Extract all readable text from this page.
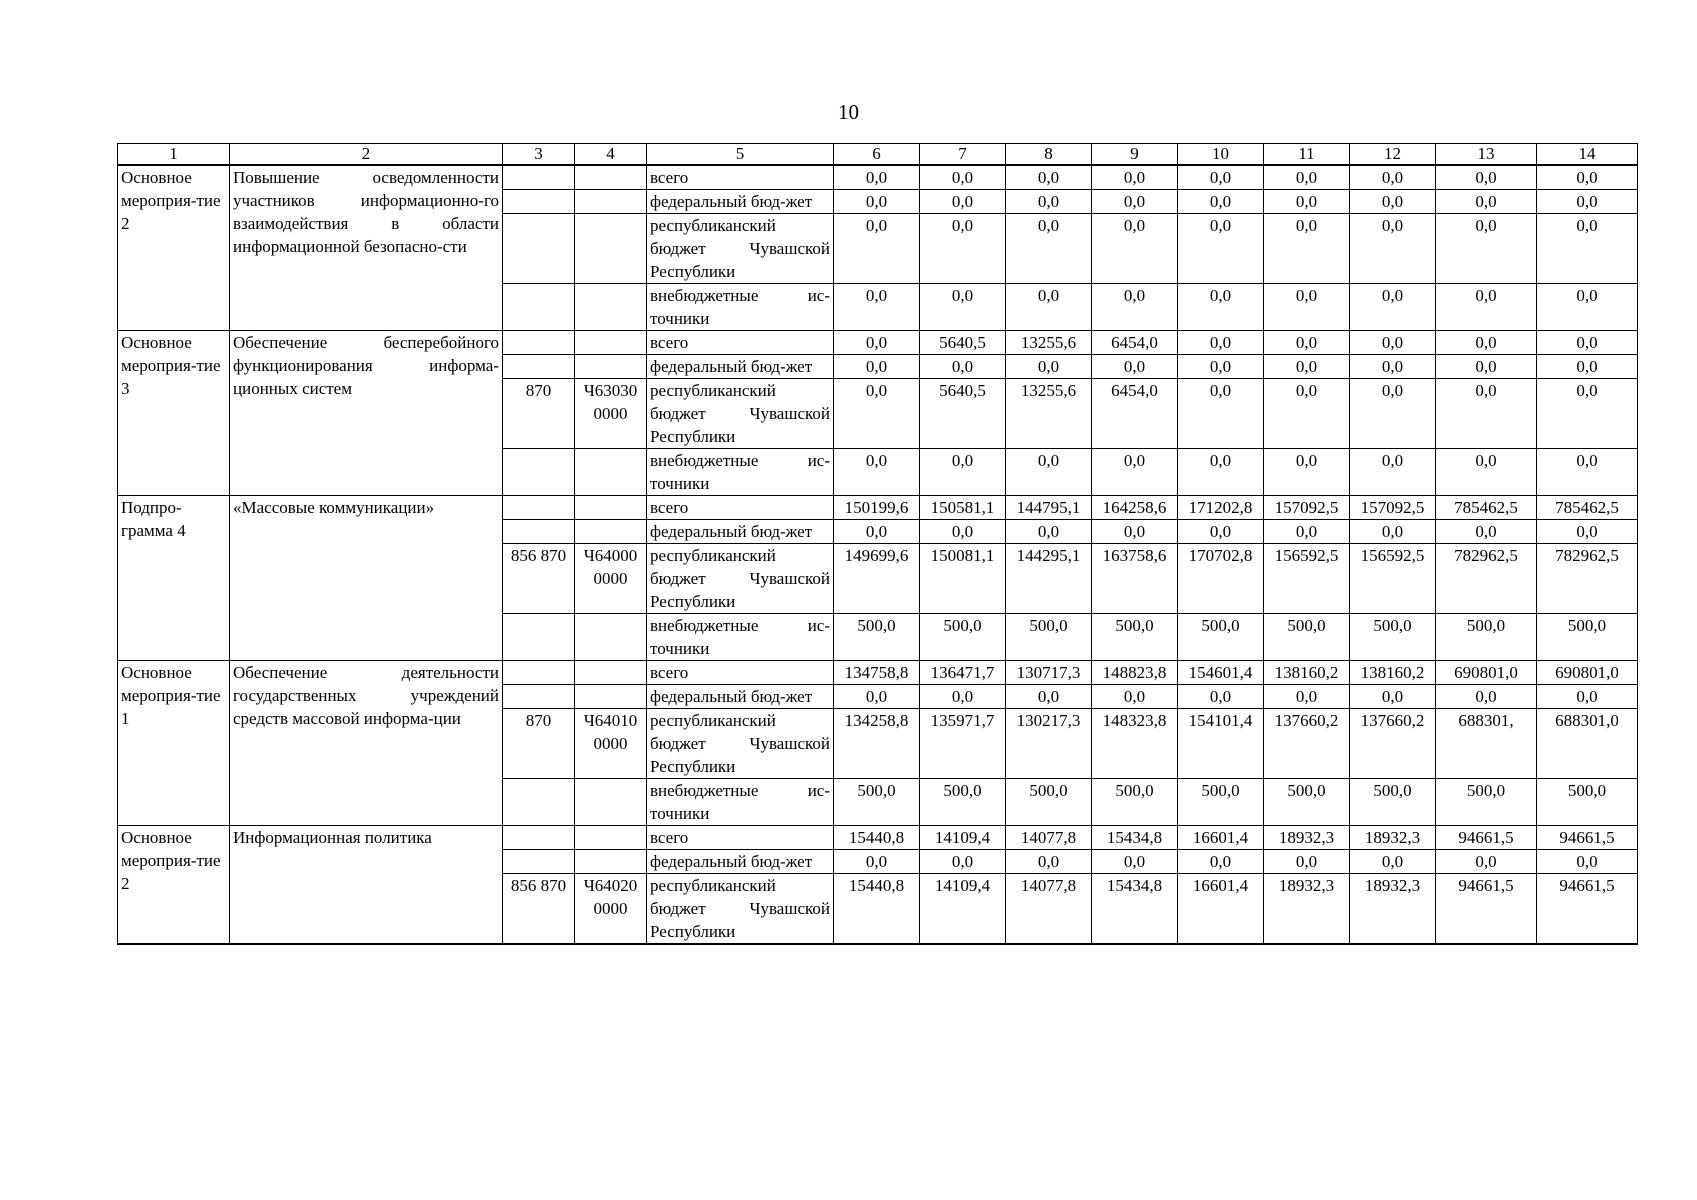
10
1	2	3	4	5	6	7	8	9	10	11	12	13	14
Основное мероприя-тие 2	Повышение осведомленности участников информационно-го взаимодействия в области информационной безопасно-сти			всего	0,0	0,0	0,0	0,0	0,0	0,0	0,0	0,0	0,0
				федеральный бюд-жет	0,0	0,0	0,0	0,0	0,0	0,0	0,0	0,0	0,0
				республиканский бюджет Чувашской Республики	0,0	0,0	0,0	0,0	0,0	0,0	0,0	0,0	0,0
				внебюджетные ис-точники	0,0	0,0	0,0	0,0	0,0	0,0	0,0	0,0	0,0
Основное мероприя-тие 3	Обеспечение бесперебойного функционирования информа-ционных систем			всего	0,0	5640,5	13255,6	6454,0	0,0	0,0	0,0	0,0	0,0
				федеральный бюд-жет	0,0	0,0	0,0	0,0	0,0	0,0	0,0	0,0	0,0
		870	Ч63030 0000	республиканский бюджет Чувашской Республики	0,0	5640,5	13255,6	6454,0	0,0	0,0	0,0	0,0	0,0
				внебюджетные ис-точники	0,0	0,0	0,0	0,0	0,0	0,0	0,0	0,0	0,0
Подпро-грамма 4	«Массовые коммуникации»			всего	150199,6	150581,1	144795,1	164258,6	171202,8	157092,5	157092,5	785462,5	785462,5
				федеральный бюд-жет	0,0	0,0	0,0	0,0	0,0	0,0	0,0	0,0	0,0
		856 870	Ч64000 0000	республиканский бюджет Чувашской Республики	149699,6	150081,1	144295,1	163758,6	170702,8	156592,5	156592,5	782962,5	782962,5
				внебюджетные ис-точники	500,0	500,0	500,0	500,0	500,0	500,0	500,0	500,0	500,0
Основное мероприя-тие 1	Обеспечение деятельности государственных учреждений средств массовой информа-ции			всего	134758,8	136471,7	130717,3	148823,8	154601,4	138160,2	138160,2	690801,0	690801,0
				федеральный бюд-жет	0,0	0,0	0,0	0,0	0,0	0,0	0,0	0,0	0,0
		870	Ч64010 0000	республиканский бюджет Чувашской Республики	134258,8	135971,7	130217,3	148323,8	154101,4	137660,2	137660,2	688301,	688301,0
				внебюджетные ис-точники	500,0	500,0	500,0	500,0	500,0	500,0	500,0	500,0	500,0
Основное мероприя-тие 2	Информационная политика			всего	15440,8	14109,4	14077,8	15434,8	16601,4	18932,3	18932,3	94661,5	94661,5
				федеральный бюд-жет	0,0	0,0	0,0	0,0	0,0	0,0	0,0	0,0	0,0
		856 870	Ч64020 0000	республиканский бюджет Чувашской Республики	15440,8	14109,4	14077,8	15434,8	16601,4	18932,3	18932,3	94661,5	94661,5
